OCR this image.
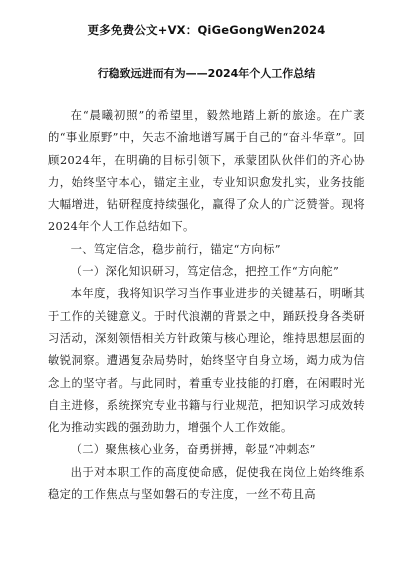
更多免费公文+VX：QiGeGongWen2024
行稳致远进而有为——2024年个人工作总结

在“晨曦初照”的希望里，毅然地踏上新的旅途。在广袤的“事业原野”中，矢志不渝地谱写属于自己的“奋斗华章”。回顾2024年，在明确的目标引领下，承蒙团队伙伴们的齐心协力，始终坚守本心，锚定主业，专业知识愈发扎实，业务技能大幅增进，钻研程度持续强化，赢得了众人的广泛赞誉。现将2024年个人工作总结如下。

一、笃定信念，稳步前行，锚定“方向标”

（一）深化知识研习，笃定信念，把控工作“方向舵”

本年度，我将知识学习当作事业进步的关键基石，明晰其于工作的关键意义。于时代浪潮的背景之中，踊跃投身各类研习活动，深刻领悟相关方针政策与核心理论，维持思想层面的敏锐洞察。遭遇复杂局势时，始终坚守自身立场，竭力成为信念上的坚守者。与此同时，着重专业技能的打磨，在闲暇时光自主进修，系统探究专业书籍与行业规范，把知识学习成效转化为推动实践的强劲助力，增强个人工作效能。

（二）聚焦核心业务，奋勇拼搏，彰显“冲刺态”

出于对本职工作的高度使命感，促使我在岗位上始终维系稳定的工作焦点与坚如磐石的专注度，一丝不苟且高
